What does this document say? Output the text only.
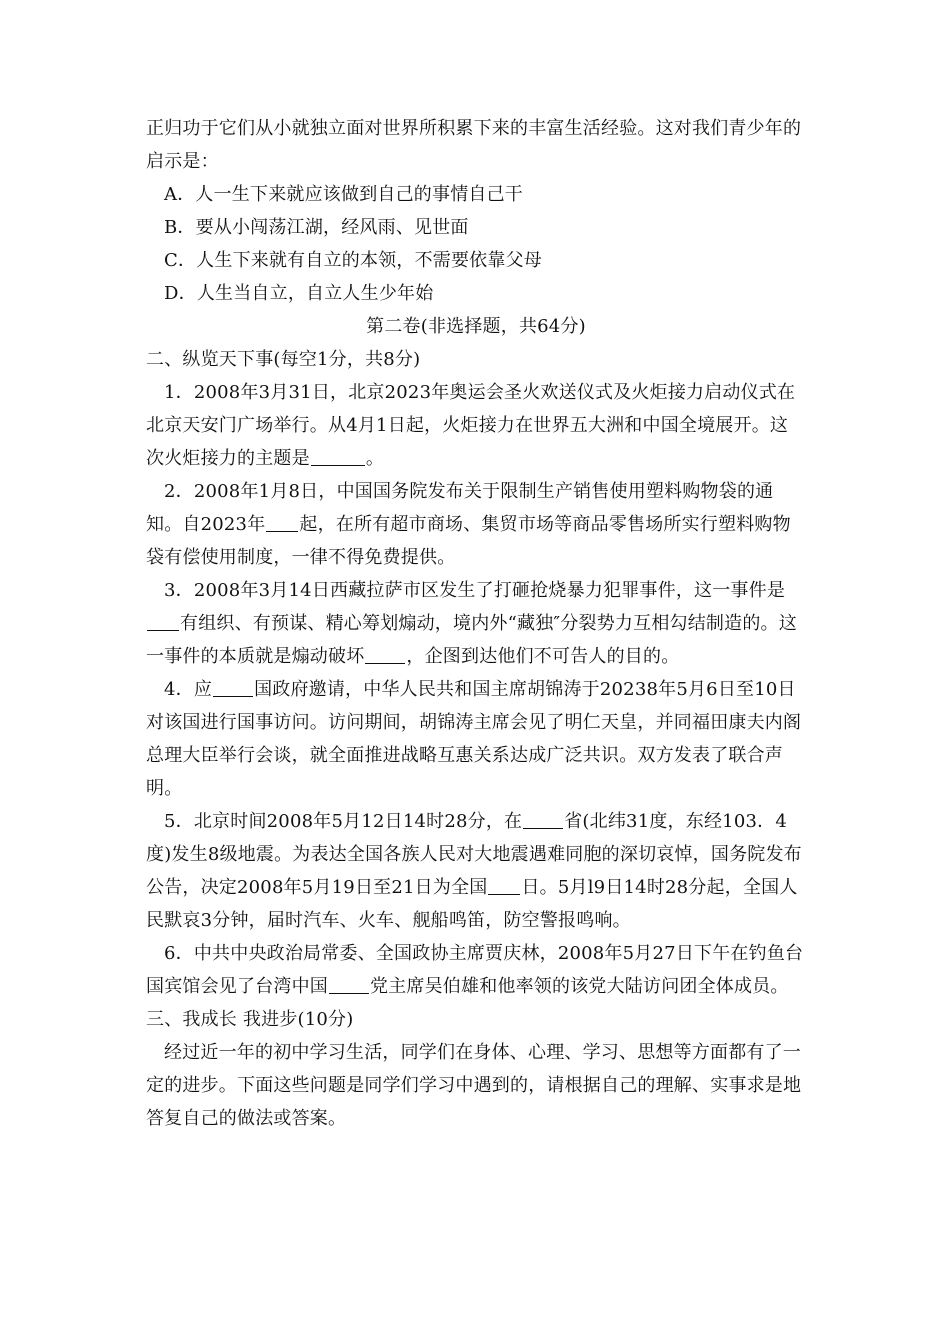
正归功于它们从小就独立面对世界所积累下来的丰富生活经验。这对我们青少年的启示是：

A．人一生下来就应该做到自己的事情自己干

B．要从小闯荡江湖，经风雨、见世面

C．人生下来就有自立的本领，不需要依靠父母

D．人生当自立，自立人生少年始

第二卷(非选择题，共64分)

二、纵览天下事(每空1分，共8分)

1．2008年3月31日，北京2023年奥运会圣火欢送仪式及火炬接力启动仪式在北京天安门广场举行。从4月1日起，火炬接力在世界五大洲和中国全境展开。这次火炬接力的主题是	。

2．2008年1月8日，中国国务院发布关于限制生产销售使用塑料购物袋的通知。自2023年 起，在所有超市商场、集贸市场等商品零售场所实行塑料购物袋有偿使用制度，一律不得免费提供。

3．2008年3月14日西藏拉萨市区发生了打砸抢烧暴力犯罪事件，这一事件是有组织、有预谋、精心筹划煽动，境内外“藏独″分裂势力互相勾结制造的。这一事件的本质就是煽动破坏 ，企图到达他们不可告人的目的。

4．应 国政府邀请，中华人民共和国主席胡锦涛于20238年5月6日至10日对该国进行国事访问。访问期间，胡锦涛主席会见了明仁天皇，并同福田康夫内阁总理大臣举行会谈，就全面推进战略互惠关系达成广泛共识。双方发表了联合声明。

5．北京时间2008年5月12日14时28分，在 省(北纬31度，东经103．4度)发生8级地震。为表达全国各族人民对大地震遇难同胞的深切哀悼，国务院发布公告，决定2008年5月19日至21日为全国 日。5月l9日14时28分起，全国人民默哀3分钟，届时汽车、火车、舰船鸣笛，防空警报鸣响。

6．中共中央政治局常委、全国政协主席贾庆林，2008年5月27日下午在钓鱼台国宾馆会见了台湾中国 党主席吴伯雄和他率领的该党大陆访问团全体成员。

三、我成长 我进步(10分)

经过近一年的初中学习生活，同学们在身体、心理、学习、思想等方面都有了一定的进步。下面这些问题是同学们学习中遇到的，请根据自己的理解、实事求是地答复自己的做法或答案。
